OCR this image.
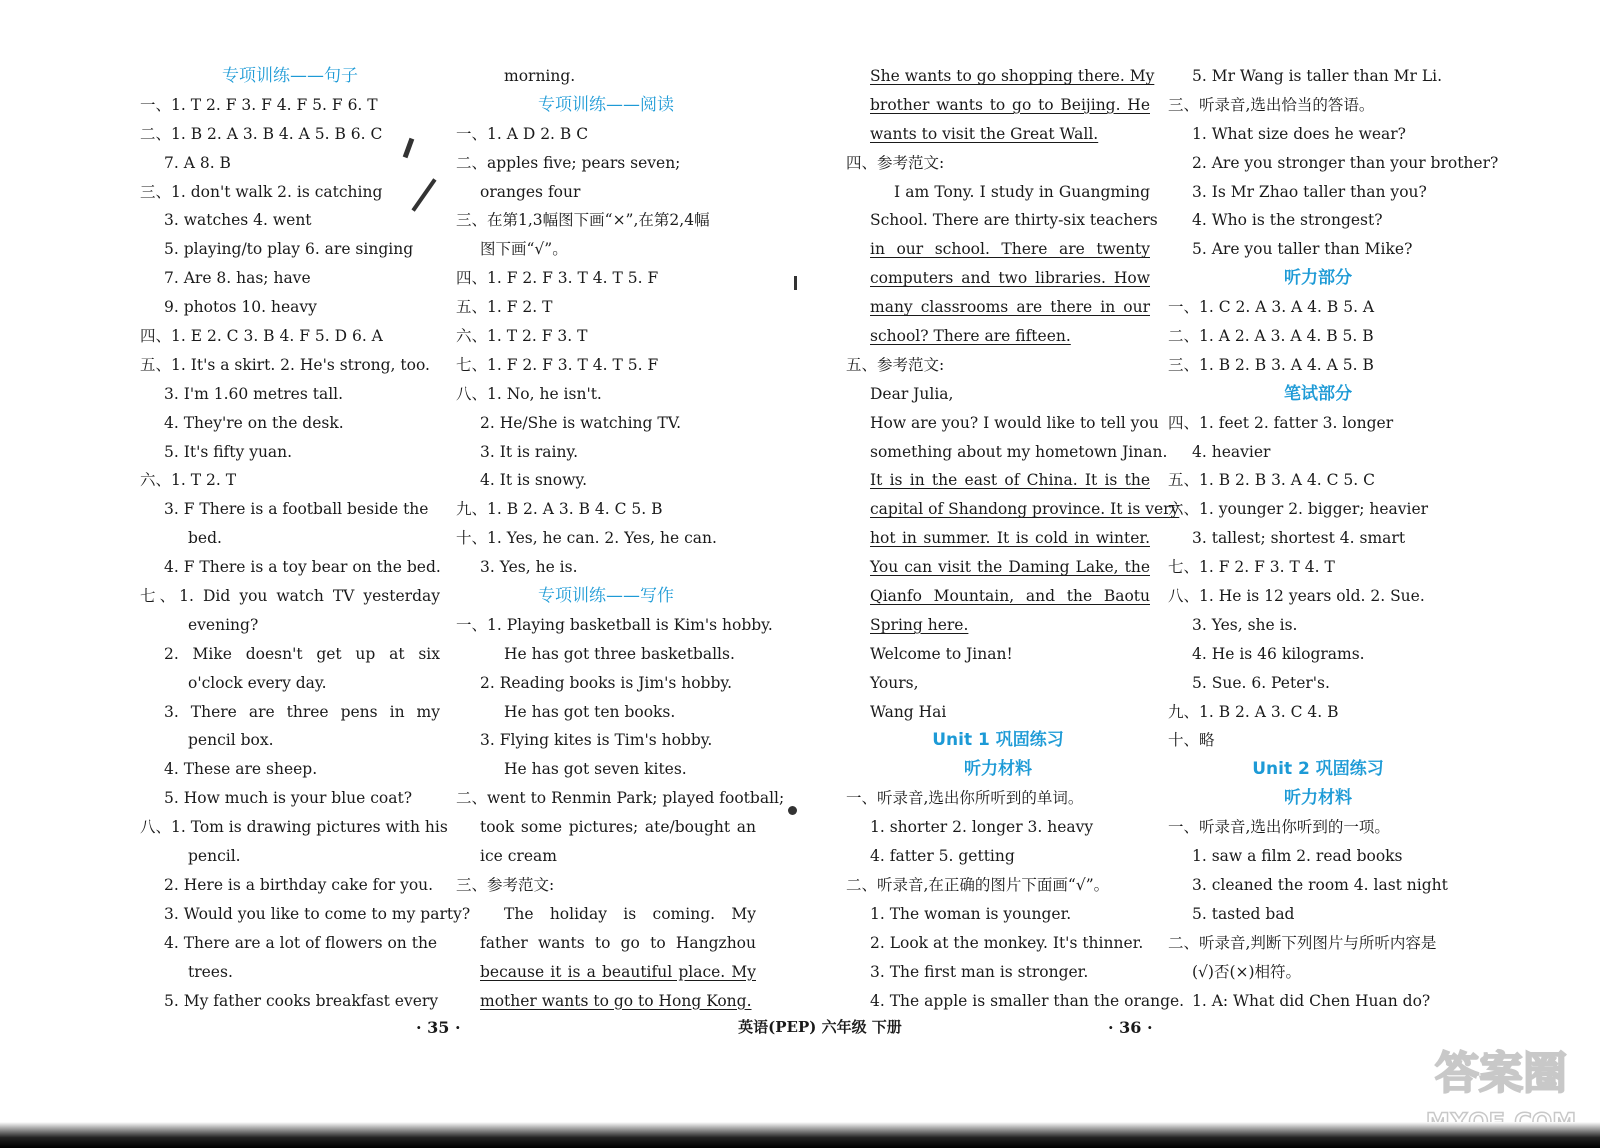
专项训练——句子
一、1. T 2. F 3. F 4. F 5. F 6. T
二、1. B 2. A 3. B 4. A 5. B 6. C
7. A 8. B
三、1. don't walk 2. is catching
3. watches 4. went
5. playing/to play 6. are singing
7. Are 8. has; have
9. photos 10. heavy
四、1. E 2. C 3. B 4. F 5. D 6. A
五、1. It's a skirt. 2. He's strong, too.
3. I'm 1.60 metres tall.
4. They're on the desk.
5. It's fifty yuan.
六、1. T 2. T
3. F There is a football beside the
bed.
4. F There is a toy bear on the bed.
七、1. Did you watch TV yesterday
evening?
2. Mike doesn't get up at six
o'clock every day.
3. There are three pens in my
pencil box.
4. These are sheep.
5. How much is your blue coat?
八、1. Tom is drawing pictures with his
pencil.
2. Here is a birthday cake for you.
3. Would you like to come to my party?
4. There are a lot of flowers on the
trees.
5. My father cooks breakfast every
morning.
专项训练——阅读
一、1. A D 2. B C
二、apples five; pears seven;
oranges four
三、在第1,3幅图下画“×”,在第2,4幅
图下画“√”。
四、1. F 2. F 3. T 4. T 5. F
五、1. F 2. T
六、1. T 2. F 3. T
七、1. F 2. F 3. T 4. T 5. F
八、1. No, he isn't.
2. He/She is watching TV.
3. It is rainy.
4. It is snowy.
九、1. B 2. A 3. B 4. C 5. B
十、1. Yes, he can. 2. Yes, he can.
3. Yes, he is.
专项训练——写作
一、1. Playing basketball is Kim's hobby.
He has got three basketballs.
2. Reading books is Jim's hobby.
He has got ten books.
3. Flying kites is Tim's hobby.
He has got seven kites.
二、went to Renmin Park; played football;
took some pictures; ate/bought an
ice cream
三、参考范文:
The holiday is coming. My
father wants to go to Hangzhou
because it is a beautiful place. My
mother wants to go to Hong Kong.
She wants to go shopping there. My
brother wants to go to Beijing. He
wants to visit the Great Wall.
四、参考范文:
I am Tony. I study in Guangming
School. There are thirty-six teachers
in our school. There are twenty
computers and two libraries. How
many classrooms are there in our
school? There are fifteen.
五、参考范文:
Dear Julia,
How are you? I would like to tell you
something about my hometown Jinan.
It is in the east of China. It is the
capital of Shandong province. It is very
hot in summer. It is cold in winter.
You can visit the Daming Lake, the
Qianfo Mountain, and the Baotu
Spring here.
Welcome to Jinan!
Yours,
Wang Hai
Unit 1 巩固练习
听力材料
一、听录音,选出你所听到的单词。
1. shorter 2. longer 3. heavy
4. fatter 5. getting
二、听录音,在正确的图片下面画“√”。
1. The woman is younger.
2. Look at the monkey. It's thinner.
3. The first man is stronger.
4. The apple is smaller than the orange.
5. Mr Wang is taller than Mr Li.
三、听录音,选出恰当的答语。
1. What size does he wear?
2. Are you stronger than your brother?
3. Is Mr Zhao taller than you?
4. Who is the strongest?
5. Are you taller than Mike?
听力部分
一、1. C 2. A 3. A 4. B 5. A
二、1. A 2. A 3. A 4. B 5. B
三、1. B 2. B 3. A 4. A 5. B
笔试部分
四、1. feet 2. fatter 3. longer
4. heavier
五、1. B 2. B 3. A 4. C 5. C
六、1. younger 2. bigger; heavier
3. tallest; shortest 4. smart
七、1. F 2. F 3. T 4. T
八、1. He is 12 years old. 2. Sue.
3. Yes, she is.
4. He is 46 kilograms.
5. Sue. 6. Peter's.
九、1. B 2. A 3. C 4. B
十、略
Unit 2 巩固练习
听力材料
一、听录音,选出你听到的一项。
1. saw a film 2. read books
3. cleaned the room 4. last night
5. tasted bad
二、听录音,判断下列图片与所听内容是
(√)否(×)相符。
1. A: What did Chen Huan do?
· 35 ·	英语(PEP) 六年级 下册	· 36 ·
答案圈
